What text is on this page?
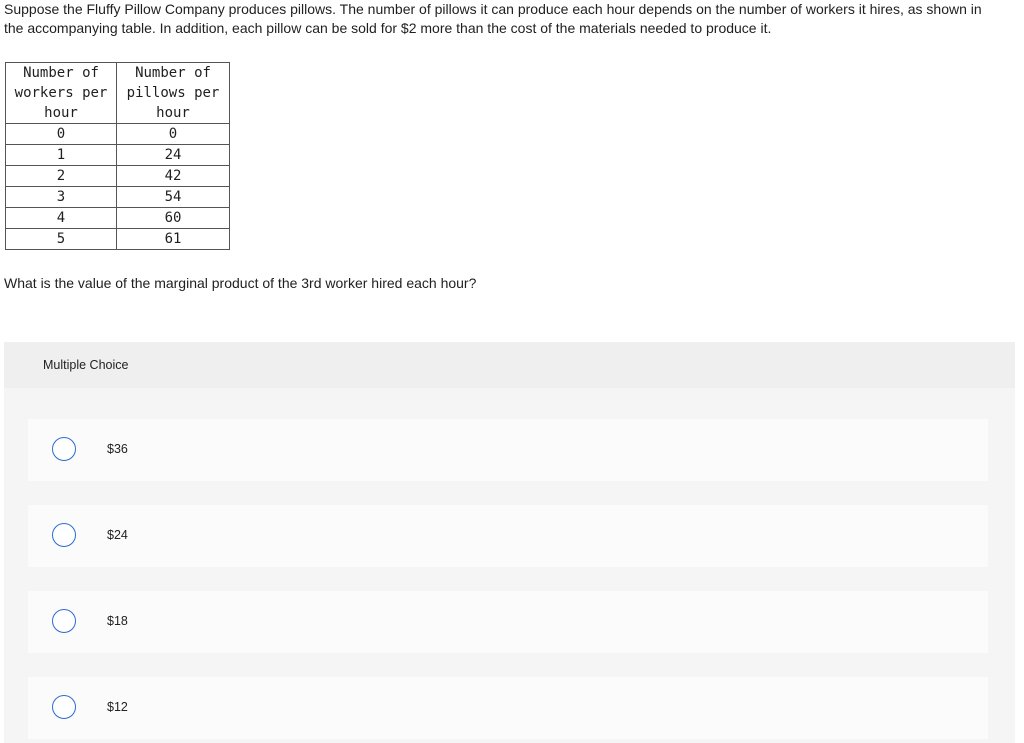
Suppose the Fluffy Pillow Company produces pillows. The number of pillows it can produce each hour depends on the number of workers it hires, as shown in the accompanying table. In addition, each pillow can be sold for $2 more than the cost of the materials needed to produce it.
Number of workers per hour	Number of pillows per hour
0	0
1	24
2	42
3	54
4	60
5	61
What is the value of the marginal product of the 3rd worker hired each hour?
Multiple Choice
$36
$24
$18
$12
